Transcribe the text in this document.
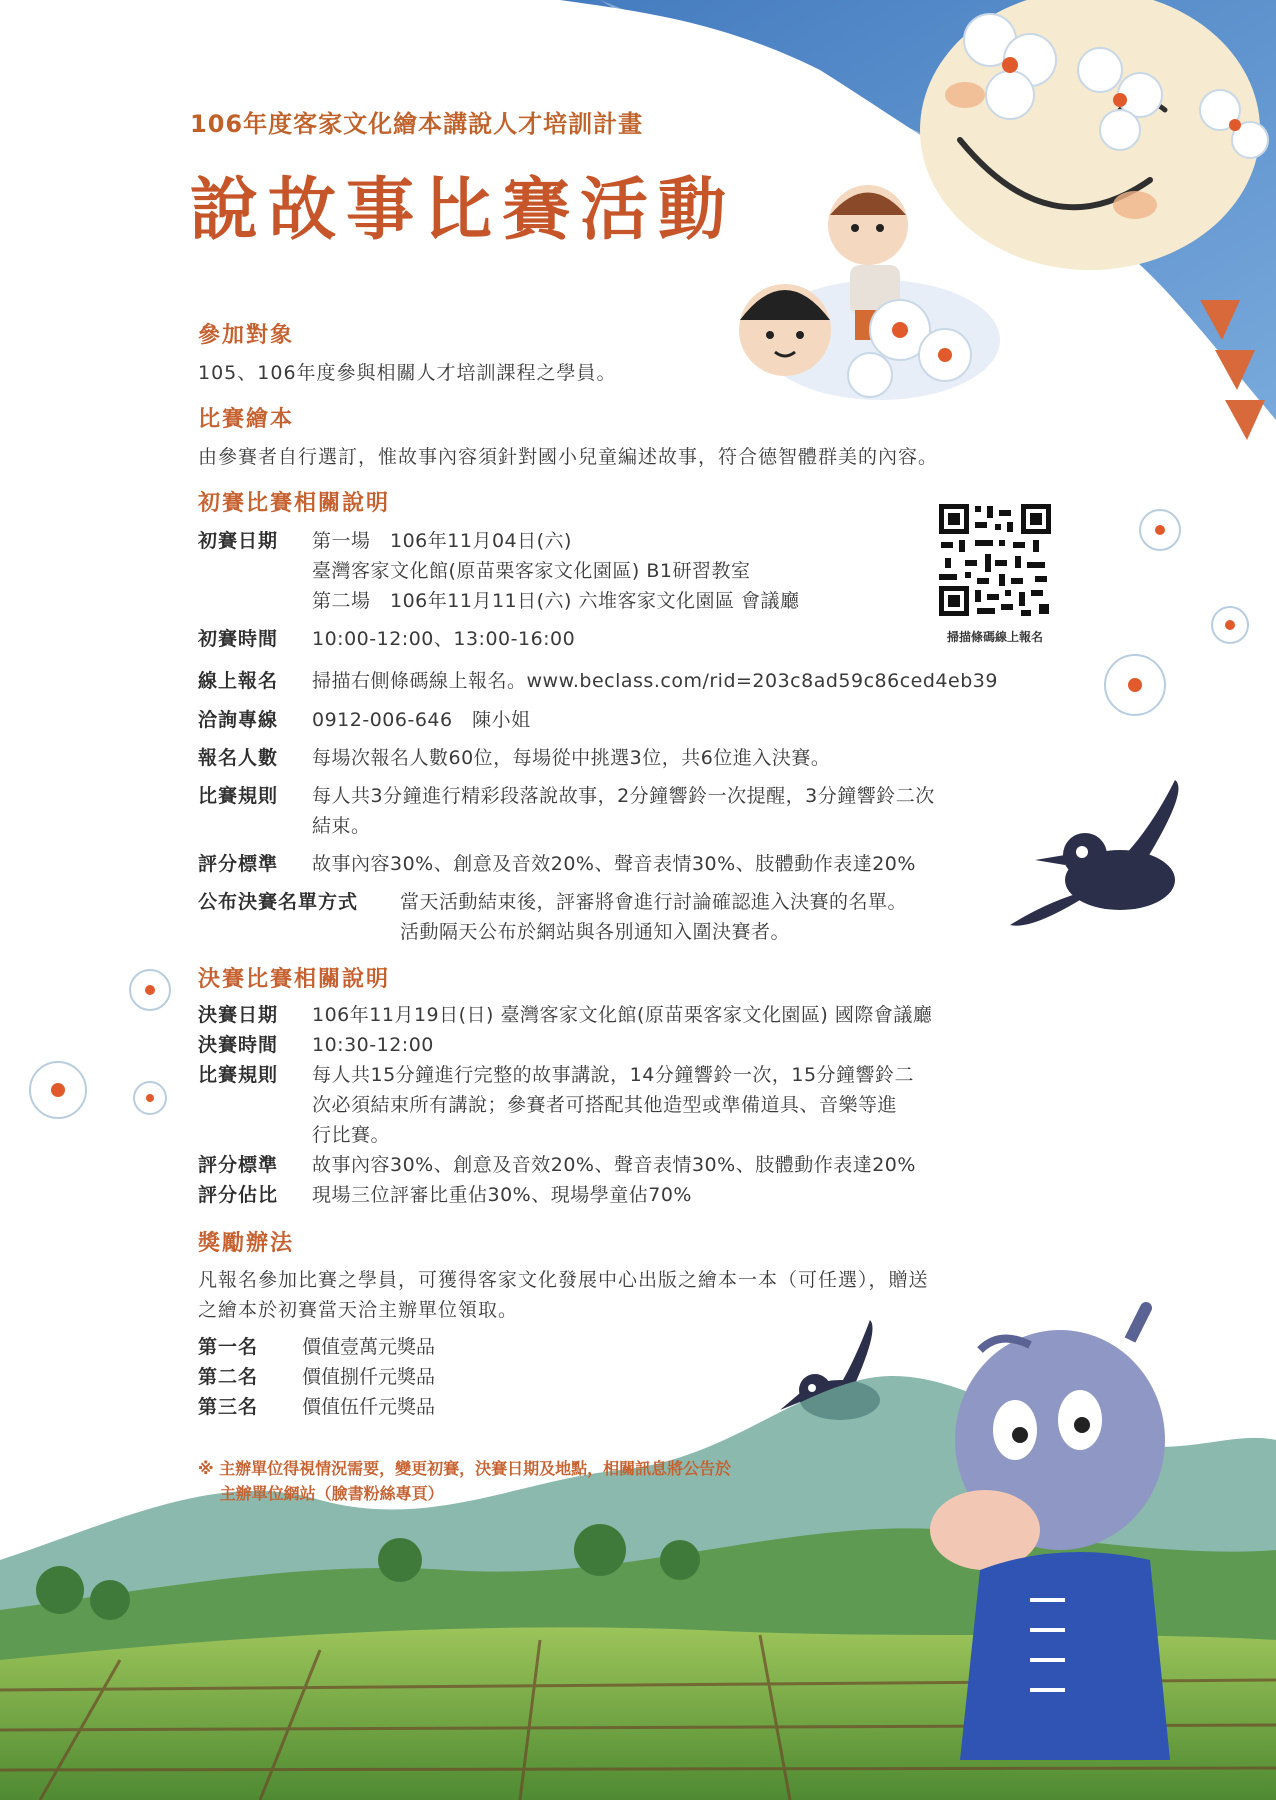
106年度客家文化繪本講說人才培訓計畫
說故事比賽活動
參加對象
105、106年度參與相關人才培訓課程之學員。
比賽繪本
由參賽者自行選訂，惟故事內容須針對國小兒童編述故事，符合德智體群美的內容。
初賽比賽相關說明
初賽日期 第一場　106年11月04日(六)
臺灣客家文化館(原苗栗客家文化園區) B1研習教室
第二場　106年11月11日(六) 六堆客家文化園區 會議廳
初賽時間 10:00-12:00、13:00-16:00
線上報名 掃描右側條碼線上報名。www.beclass.com/rid=203c8ad59c86ced4eb39
洽詢專線 0912-006-646　陳小姐
報名人數 每場次報名人數60位，每場從中挑選3位，共6位進入決賽。
比賽規則 每人共3分鐘進行精彩段落說故事，2分鐘響鈴一次提醒，3分鐘響鈴二次
結束。
評分標準 故事內容30%、創意及音效20%、聲音表情30%、肢體動作表達20%
公布決賽名單方式 當天活動結束後，評審將會進行討論確認進入決賽的名單。
活動隔天公布於網站與各別通知入圍決賽者。
掃描條碼線上報名
決賽比賽相關說明
決賽日期 106年11月19日(日) 臺灣客家文化館(原苗栗客家文化園區) 國際會議廳
決賽時間 10:30-12:00
比賽規則 每人共15分鐘進行完整的故事講說，14分鐘響鈴一次，15分鐘響鈴二
次必須結束所有講說；參賽者可搭配其他造型或準備道具、音樂等進
行比賽。
評分標準 故事內容30%、創意及音效20%、聲音表情30%、肢體動作表達20%
評分佔比 現場三位評審比重佔30%、現場學童佔70%
獎勵辦法
凡報名參加比賽之學員，可獲得客家文化發展中心出版之繪本一本（可任選），贈送
之繪本於初賽當天洽主辦單位領取。
第一名 價值壹萬元獎品
第二名 價值捌仟元獎品
第三名 價值伍仟元獎品
※ 主辦單位得視情況需要，變更初賽，決賽日期及地點，相關訊息將公告於
　 主辦單位網站（臉書粉絲專頁）
